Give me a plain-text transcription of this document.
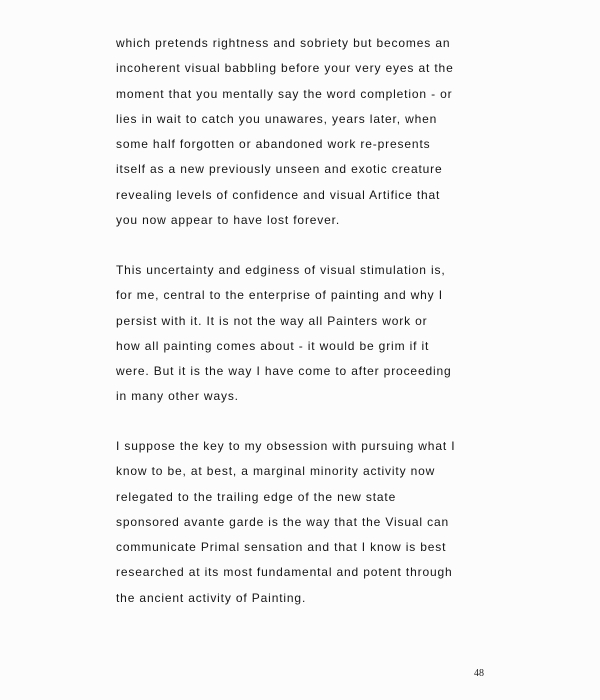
which pretends rightness and sobriety but becomes an
incoherent visual babbling before your very eyes at the
moment that you mentally say the word completion - or
lies in wait to catch you unawares, years later, when
some half forgotten or abandoned work re-presents
itself as a new previously unseen and exotic creature
revealing levels of confidence and visual Artifice that
you now appear to have lost forever.
This uncertainty and edginess of visual stimulation is,
for me, central to the enterprise of painting and why I
persist with it. It is not the way all Painters work or
how all painting comes about - it would be grim if it
were. But it is the way I have come to after proceeding
in many other ways.
I suppose the key to my obsession with pursuing what I
know to be, at best, a marginal minority activity now
relegated to the trailing edge of the new state
sponsored avante garde is the way that the Visual can
communicate Primal sensation and that I know is best
researched at its most fundamental and potent through
the ancient activity of Painting.
48
